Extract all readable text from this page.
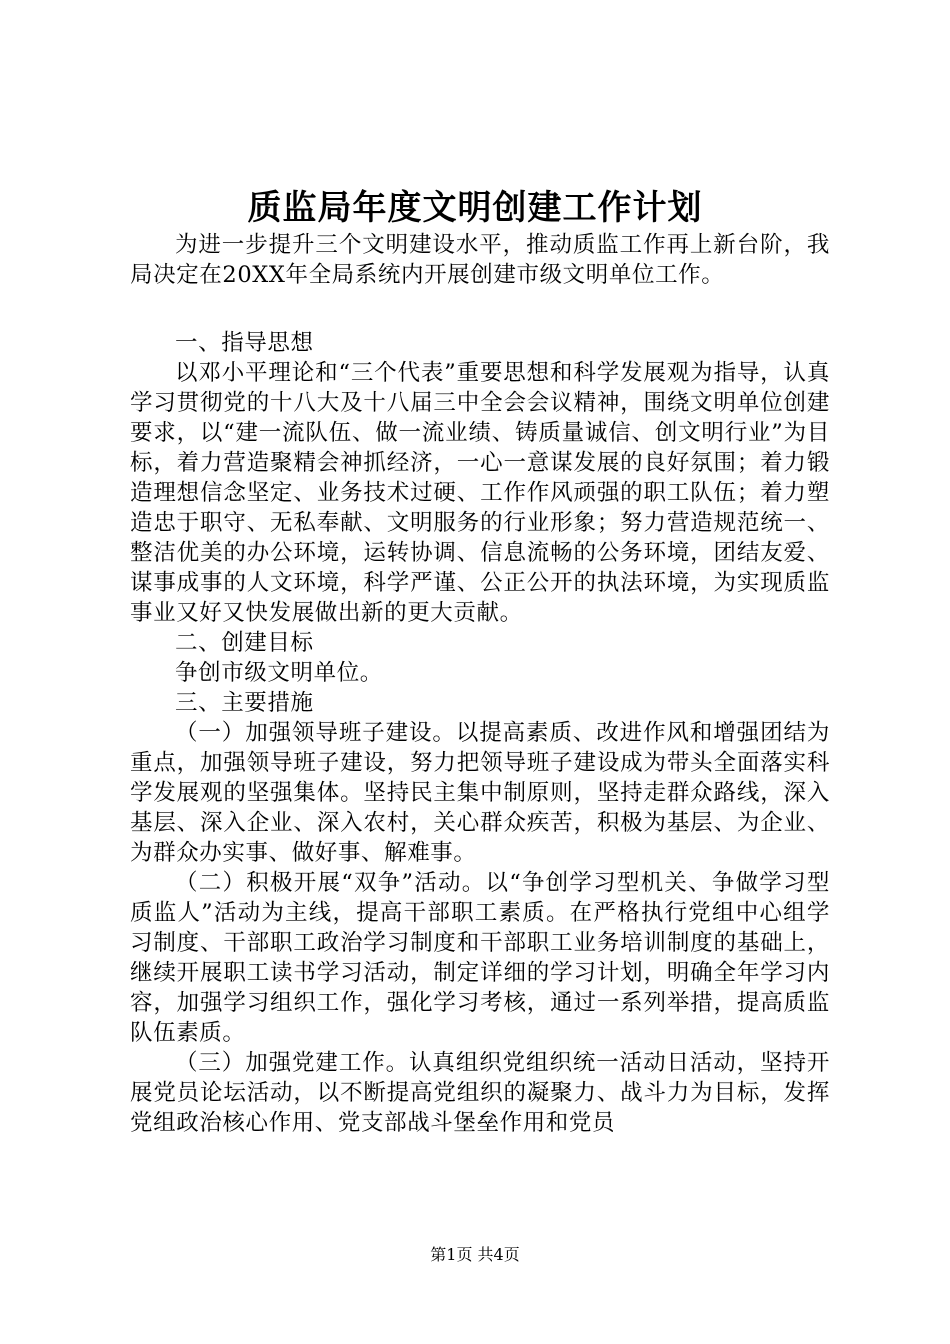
质监局年度文明创建工作计划

为进一步提升三个文明建设水平，推动质监工作再上新台阶，我局决定在20XX年全局系统内开展创建市级文明单位工作。

一、指导思想

以邓小平理论和“三个代表”重要思想和科学发展观为指导，认真学习贯彻党的十八大及十八届三中全会会议精神，围绕文明单位创建要求，以“建一流队伍、做一流业绩、铸质量诚信、创文明行业”为目标，着力营造聚精会神抓经济，一心一意谋发展的良好氛围；着力锻造理想信念坚定、业务技术过硬、工作作风顽强的职工队伍；着力塑造忠于职守、无私奉献、文明服务的行业形象；努力营造规范统一、整洁优美的办公环境，运转协调、信息流畅的公务环境，团结友爱、谋事成事的人文环境，科学严谨、公正公开的执法环境，为实现质监事业又好又快发展做出新的更大贡献。

二、创建目标

争创市级文明单位。

三、主要措施

（一）加强领导班子建设。以提高素质、改进作风和增强团结为重点，加强领导班子建设，努力把领导班子建设成为带头全面落实科学发展观的坚强集体。坚持民主集中制原则，坚持走群众路线，深入基层、深入企业、深入农村，关心群众疾苦，积极为基层、为企业、为群众办实事、做好事、解难事。

（二）积极开展“双争”活动。以“争创学习型机关、争做学习型质监人”活动为主线，提高干部职工素质。在严格执行党组中心组学习制度、干部职工政治学习制度和干部职工业务培训制度的基础上，继续开展职工读书学习活动，制定详细的学习计划，明确全年学习内容，加强学习组织工作，强化学习考核，通过一系列举措，提高质监队伍素质。

（三）加强党建工作。认真组织党组织统一活动日活动，坚持开展党员论坛活动，以不断提高党组织的凝聚力、战斗力为目标，发挥党组政治核心作用、党支部战斗堡垒作用和党员

第1页 共4页
